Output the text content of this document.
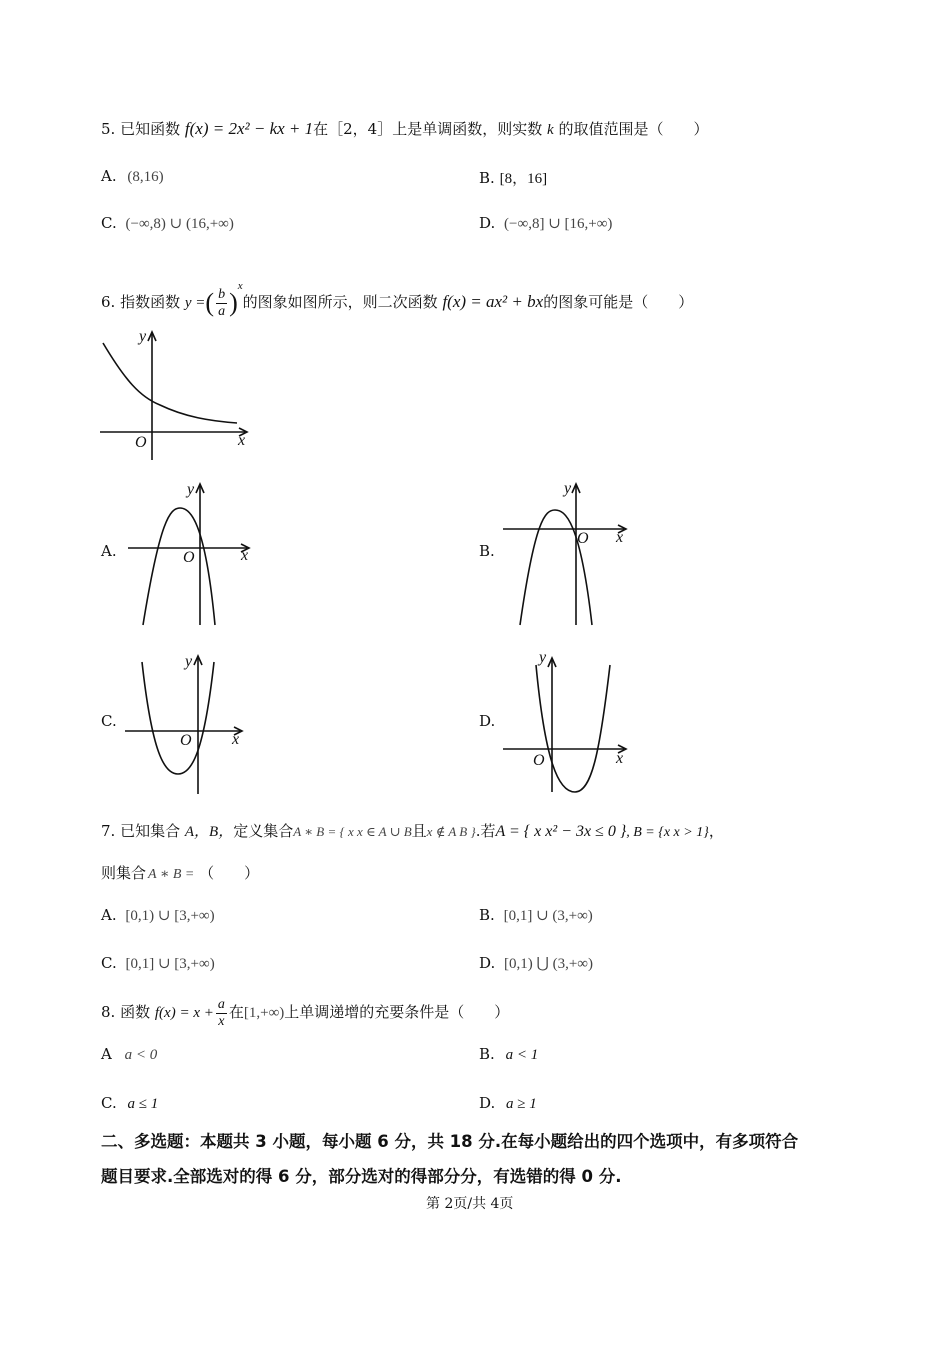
5. 已知函数 f(x) = 2x² − kx + 1在［2，4］上是单调函数，则实数 k 的取值范围是（　　）
A. (8,16)	B. [8，16]
C. (−∞,8) ∪ (16,+∞)	D. (−∞,8] ∪ [16,+∞)
6. 指数函数 y =( $\frac{b}{a} )^x$的图象如图所示，则二次函数 f(x) = ax² + bx的图象可能是（　　）
O	x
y
A.	O	x
y
B.
O x
y
C.
O	x
y
D.
O	x
y
7. 已知集合 A，B，定义集合A ∗ B = { x x ∈ A ∪ B且x ∉ A B }.若A = { x x² − 3x ≤ 0 }, B = {x x > 1}，
则集合 A ∗ B = （　　）
A. [0,1) ∪ [3,+∞)	B. [0,1] ∪ (3,+∞)
C. [0,1] ∪ [3,+∞)	D. [0,1) ⋃ (3,+∞)
8. 函数 $f(x) = x + \frac{a}{x}$ 在[1,+∞)上单调递增的充要条件是（　　）
A a < 0	B. a < 1
C. a ≤ 1	D. a ≥ 1
二、多选题：本题共 3 小题，每小题 6 分，共 18 分.在每小题给出的四个选项中，有多项符合
题目要求.全部选对的得 6 分，部分选对的得部分分，有选错的得 0 分.
第 2页/共 4页
